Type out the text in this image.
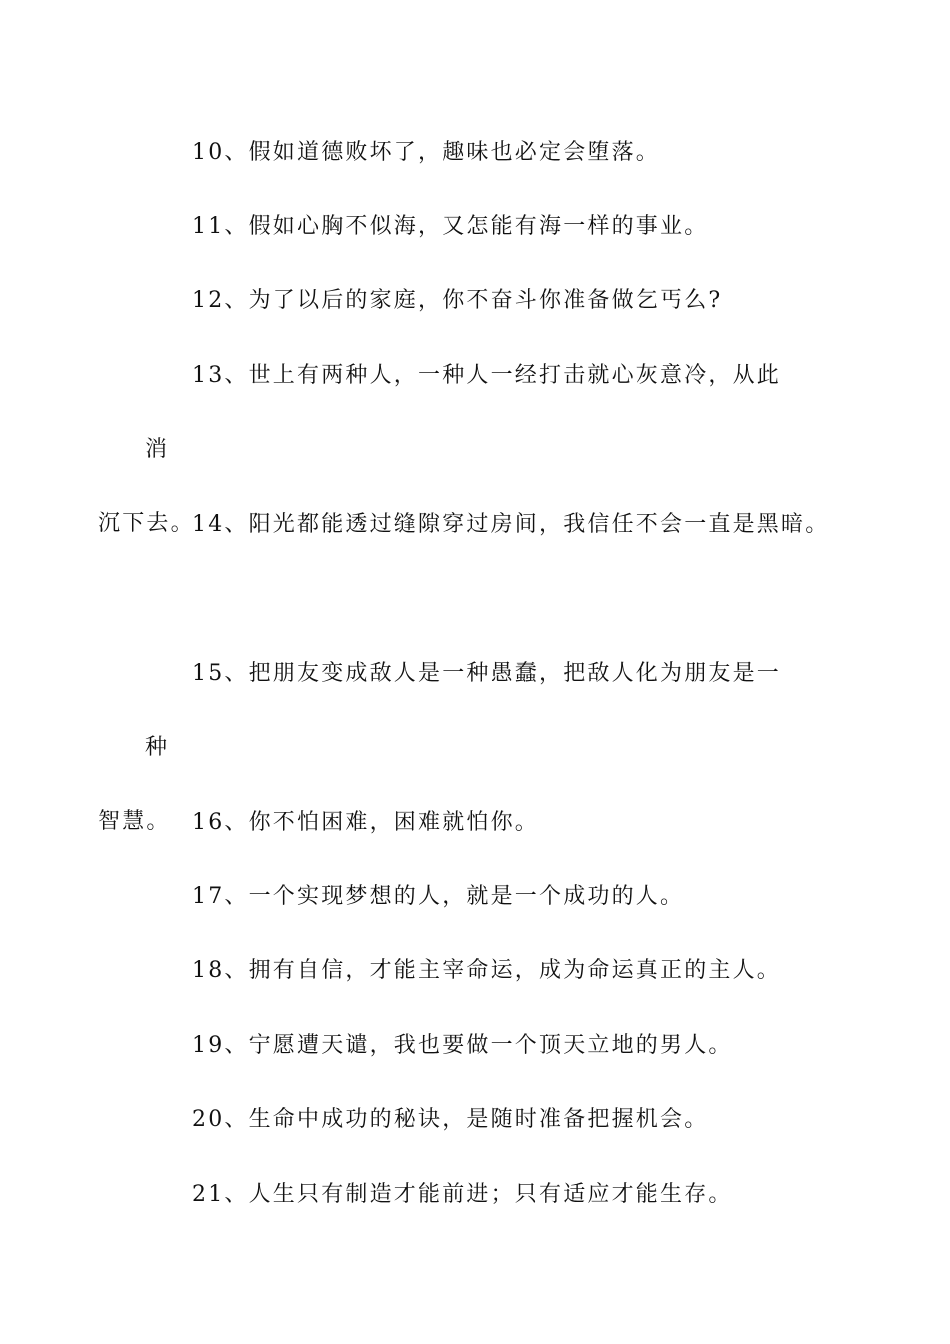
10、假如道德败坏了，趣味也必定会堕落。

11、假如心胸不似海，又怎能有海一样的事业。

12、为了以后的家庭，你不奋斗你准备做乞丐么?

13、世上有两种人，一种人一经打击就心灰意冷，从此消
沉下去。

14、阳光都能透过缝隙穿过房间，我信任不会一直是黑暗。

15、把朋友变成敌人是一种愚蠢，把敌人化为朋友是一种
智慧。 16、你不怕困难，困难就怕你。

17、一个实现梦想的人，就是一个成功的人。

18、拥有自信，才能主宰命运，成为命运真正的主人。

19、宁愿遭天谴，我也要做一个顶天立地的男人。

20、生命中成功的秘诀，是随时准备把握机会。

21、人生只有制造才能前进；只有适应才能生存。
